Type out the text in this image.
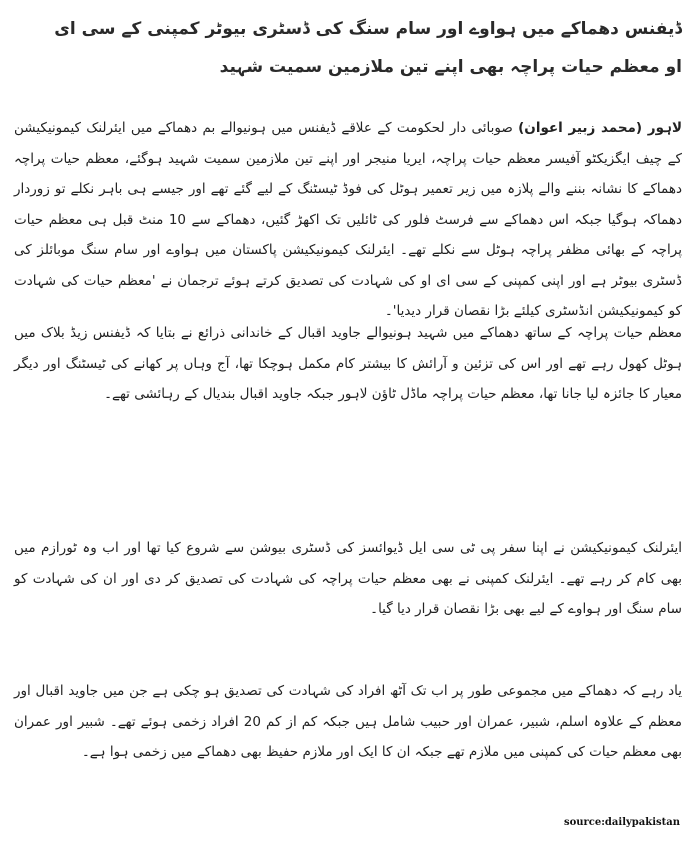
ڈیفنس دھماکے میں ہواوے اور سام سنگ کی ڈسٹری بیوٹر کمپنی کے سی ای او معظم حیات پراچہ بھی اپنے تین ملازمین سمیت شہید
لاہور (محمد زبیر اعوان) صوبائی دار لحکومت کے علاقے ڈیفنس میں ہونیوالے بم دھماکے میں ایئرلنک کیمونیکیشن کے چیف ایگزیکٹو آفیسر معظم حیات پراچہ، ایریا منیجر اور اپنے تین ملازمین سمیت شہید ہوگئے، معظم حیات پراچہ دھماکے کا نشانہ بننے والے پلازہ میں زیر تعمیر ہوٹل کی فوڈ ٹیسٹنگ کے لیے گئے تھے اور جیسے ہی باہر نکلے تو زوردار دھماکہ ہوگیا جبکہ اس دھماکے سے فرسٹ فلور کی ٹائلیں تک اکھڑ گئیں، دھماکے سے 10 منٹ قبل ہی معظم حیات پراچہ کے بھائی مظفر پراچہ ہوٹل سے نکلے تھے۔ ایئرلنک کیمونیکیشن پاکستان میں ہواوے اور سام سنگ موبائلز کی ڈسٹری بیوٹر ہے اور اپنی کمپنی کے سی ای او کی شہادت کی تصدیق کرتے ہوئے ترجمان نے 'معظم حیات کی شہادت کو کیمونیکیشن انڈسٹری کیلئے بڑا نقصان قرار دیدیا'۔
معظم حیات پراچہ کے ساتھ دھماکے میں شہید ہونیوالے جاوید اقبال کے خاندانی ذرائع نے بتایا کہ ڈیفنس زیڈ بلاک میں ہوٹل کھول رہے تھے اور اس کی تزئین و آرائش کا بیشتر کام مکمل ہوچکا تھا، آج وہاں پر کھانے کی ٹیسٹنگ اور دیگر معیار کا جائزہ لیا جانا تھا، معظم حیات پراچہ ماڈل ٹاؤن لاہور جبکہ جاوید اقبال بندیال کے رہائشی تھے۔
ایئرلنک کیمونیکیشن نے اپنا سفر پی ٹی سی ایل ڈیوائسز کی ڈسٹری بیوشن سے شروع کیا تھا اور اب وہ ٹورازم میں بھی کام کر رہے تھے۔ ایئرلنک کمپنی نے بھی معظم حیات پراچہ کی شہادت کی تصدیق کر دی اور ان کی شہادت کو سام سنگ اور ہواوے کے لیے بھی بڑا نقصان قرار دیا گیا۔
یاد رہے کہ دھماکے میں مجموعی طور پر اب تک آٹھ افراد کی شہادت کی تصدیق ہو چکی ہے جن میں جاوید اقبال اور معظم کے علاوہ اسلم، شبیر، عمران اور حبیب شامل ہیں جبکہ کم از کم 20 افراد زخمی ہوئے تھے۔ شبیر اور عمران بھی معظم حیات کی کمپنی میں ملازم تھے جبکہ ان کا ایک اور ملازم حفیظ بھی دھماکے میں زخمی ہوا ہے۔
source:dailypakistan
